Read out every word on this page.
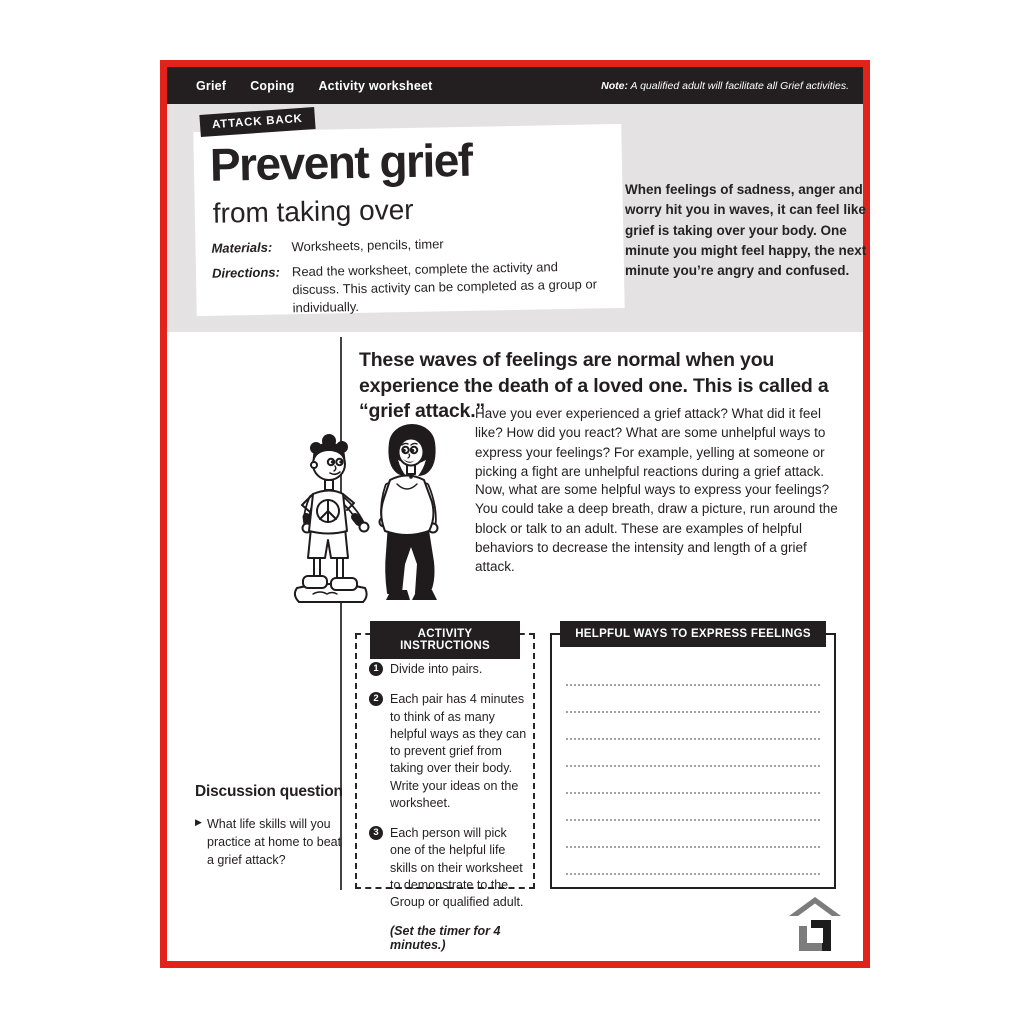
Grief Coping Activity worksheet	Note: A qualified adult will facilitate all Grief activities.
ATTACK BACK
Prevent grief
from taking over
Materials:	Worksheets, pencils, timer
Directions: Read the worksheet, complete the activity and discuss. This activity can be completed as a group or individually.

When feelings of sadness, anger and worry hit you in waves, it can feel like grief is taking over your body. One minute you might feel happy, the next minute you’re angry and confused.

These waves of feelings are normal when you experience the death of a loved one. This is called a “grief attack.”

Have you ever experienced a grief attack? What did it feel like? How did you react? What are some unhelpful ways to express your feelings? For example, yelling at someone or picking a fight are unhelpful reactions during a grief attack.

Now, what are some helpful ways to express your feelings? You could take a deep breath, draw a picture, run around the block or talk to an adult. These are examples of helpful behaviors to decrease the intensity and length of a grief attack.

ACTIVITY INSTRUCTIONS
1 Divide into pairs.

2 Each pair has 4 minutes to think of as many helpful ways as they can to prevent grief from taking over their body. Write your ideas on the worksheet.

3 Each person will pick one of the helpful life skills on their worksheet to demonstrate to the Group or qualified adult.

(Set the timer for 4 minutes.)

HELPFUL WAYS TO EXPRESS FEELINGS
Discussion question
▶ What life skills will you practice at home to beat a grief attack?
